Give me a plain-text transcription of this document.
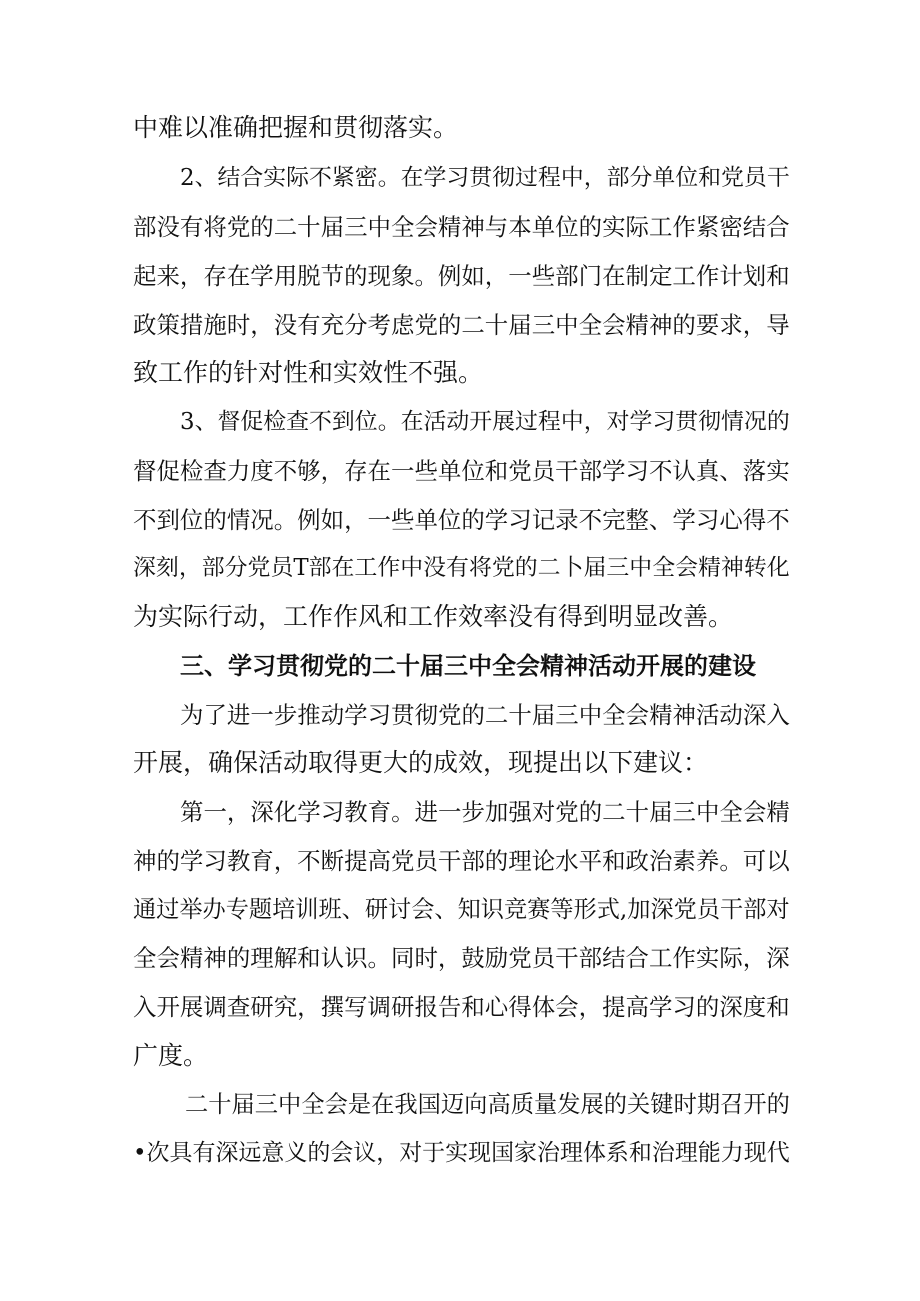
中难以准确把握和贯彻落实。

2、结合实际不紧密。在学习贯彻过程中，部分单位和党员干

部没有将党的二十届三中全会精神与本单位的实际工作紧密结合

起来，存在学用脱节的现象。例如，一些部门在制定工作计划和

政策措施时，没有充分考虑党的二十届三中全会精神的要求，导

致工作的针对性和实效性不强。

3、督促检查不到位。在活动开展过程中，对学习贯彻情况的

督促检查力度不够，存在一些单位和党员干部学习不认真、落实

不到位的情况。例如，一些单位的学习记录不完整、学习心得不

深刻，部分党员T部在工作中没有将党的二卜届三中全会精神转化

为实际行动，工作作风和工作效率没有得到明显改善。

三、学习贯彻党的二十届三中全会精神活动开展的建设

为了进一步推动学习贯彻党的二十届三中全会精神活动深入

开展，确保活动取得更大的成效，现提出以下建议：

第一，深化学习教育。进一步加强对党的二十届三中全会精

神的学习教育，不断提高党员干部的理论水平和政治素养。可以

通过举办专题培训班、研讨会、知识竞赛等形式,加深党员干部对

全会精神的理解和认识。同时，鼓励党员干部结合工作实际，深

入开展调查研究，撰写调研报告和心得体会，提高学习的深度和

广度。

二十届三中全会是在我国迈向高质量发展的关键时期召开的

•次具有深远意义的会议，对于实现国家治理体系和治理能力现代
